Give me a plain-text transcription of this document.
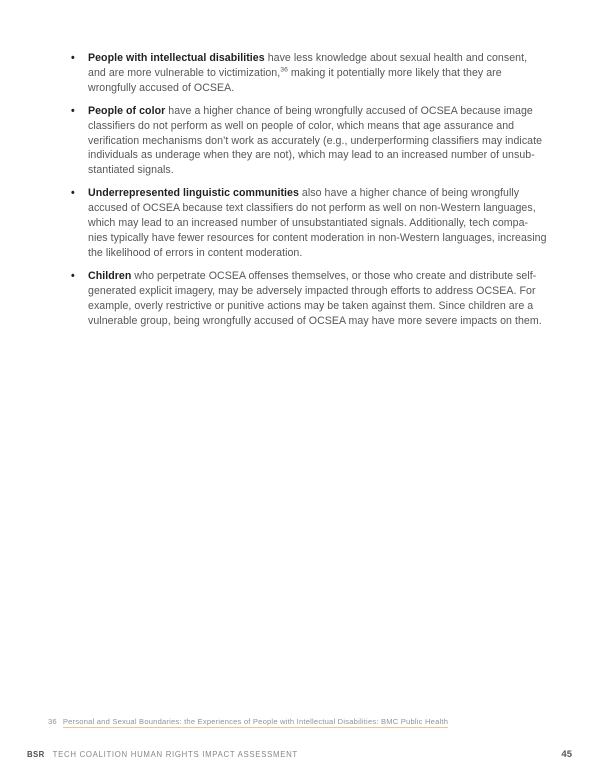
•

People with intellectual disabilities have less knowledge about sexual health and consent, and are more vulnerable to victimization,$^{36}$ making it potentially more likely that they are wrongfully accused of OCSEA.

•

People of color have a higher chance of being wrongfully accused of OCSEA because image classifiers do not perform as well on people of color, which means that age assurance and verification mechanisms don’t work as accurately (e.g., underperforming classifiers may indicate individuals as underage when they are not), which may lead to an increased number of unsub-stantiated signals.

•

Underrepresented linguistic communities also have a higher chance of being wrongfully accused of OCSEA because text classifiers do not perform as well on non-Western languages, which may lead to an increased number of unsubstantiated signals. Additionally, tech compa-nies typically have fewer resources for content moderation in non-Western languages, increasing the likelihood of errors in content moderation.

•

Children who perpetrate OCSEA offenses themselves, or those who create and distribute self-generated explicit imagery, may be adversely impacted through efforts to address OCSEA. For example, overly restrictive or punitive actions may be taken against them. Since children are a vulnerable group, being wrongfully accused of OCSEA may have more severe impacts on them.

36 Personal and Sexual Boundaries: the Experiences of People with Intellectual Disabilities: BMC Public Health
BSR TECH COALITION HUMAN RIGHTS IMPACT ASSESSMENT	45
